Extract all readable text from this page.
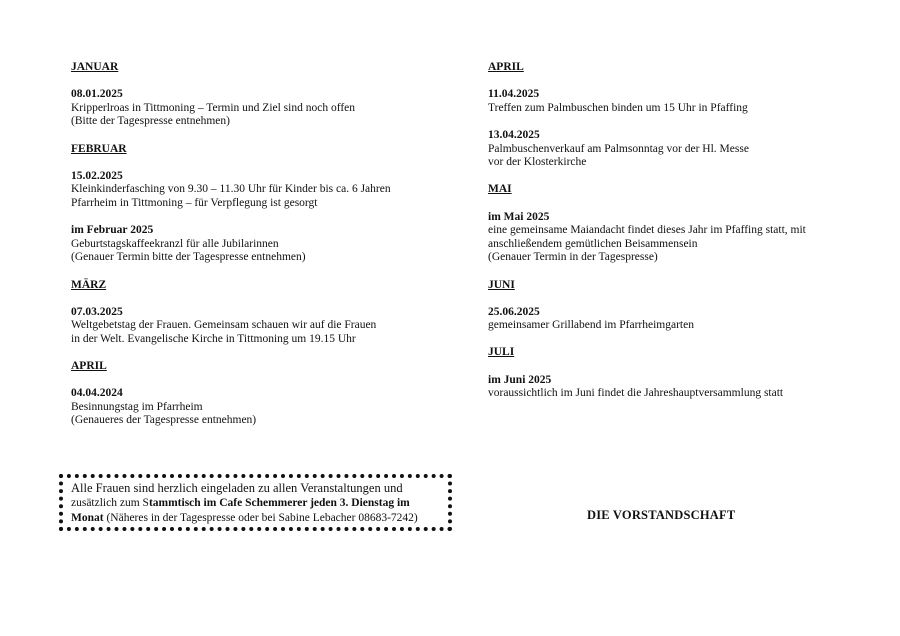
JANUAR
08.01.2025
Kripperlroas in Tittmoning – Termin und Ziel sind noch offen
(Bitte der Tagespresse entnehmen)
FEBRUAR
15.02.2025
Kleinkinderfasching von 9.30 – 11.30 Uhr für Kinder bis ca. 6 Jahren
Pfarrheim in Tittmoning – für Verpflegung ist gesorgt
im Februar 2025
Geburtstagskaffeekranzl für alle Jubilarinnen
(Genauer Termin bitte der Tagespresse entnehmen)
MÄRZ
07.03.2025
Weltgebetstag der Frauen. Gemeinsam schauen wir auf die Frauen
in der Welt. Evangelische Kirche in Tittmoning um 19.15 Uhr
APRIL
04.04.2024
Besinnungstag im Pfarrheim
(Genaueres der Tagespresse entnehmen)
APRIL
11.04.2025
Treffen zum Palmbuschen binden um 15 Uhr in Pfaffing
13.04.2025
Palmbuschenverkauf am Palmsonntag vor der Hl. Messe
vor der Klosterkirche
MAI
im Mai 2025
eine gemeinsame Maiandacht findet dieses Jahr im Pfaffing statt, mit
anschließendem gemütlichen Beisammensein
(Genauer Termin in der Tagespresse)
JUNI
25.06.2025
gemeinsamer Grillabend im Pfarrheimgarten
JULI
im Juni 2025
voraussichtlich im Juni findet die Jahreshauptversammlung statt
Alle Frauen sind herzlich eingeladen zu allen Veranstaltungen und
zusätzlich zum Stammtisch im Cafe Schemmerer jeden 3. Dienstag im
Monat (Näheres in der Tagespresse oder bei Sabine Lebacher 08683-7242)	DIE VORSTANDSCHAFT
